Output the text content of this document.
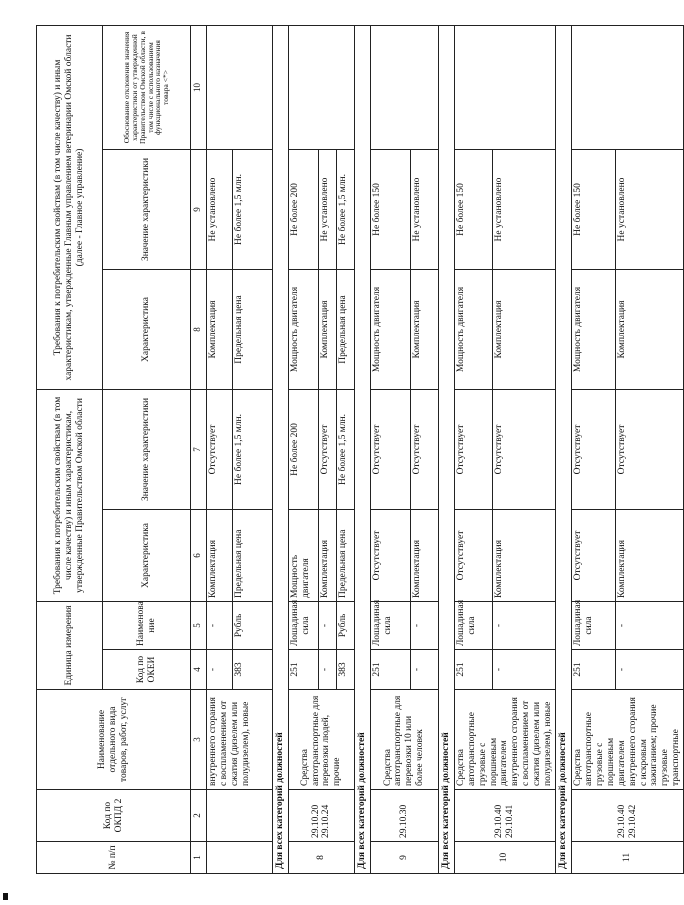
№ п/п	Код по ОКПД 2	Наименование отдельного вида товаров, работ, услуг	Единица измерения		Требования к потребительским свойствам (в том числе качеству) и иным характеристикам, утвержденные Правительством Омской области		Требования к потребительским свойствам (в том числе качеству) и иным характеристикам, утвержденные Главным управлением ветеринарии Омской области (далее - Главное управление)		
			Код по ОКЕИ	Наименова ние	Характеристика	Значение характеристики	Характеристика	Значение характеристики	Обоснование отклонения значения характеристики от утвержденной Правительством Омской области, в том числе с использованием функционального назначения товара <*>
1	2	3	4	5	6	7	8	9	10
		внутреннего сгорания с воспламенением от сжатия (дизелем или полудизелем), новые	-	-	Комплектация	Отсутствует	Комплектация	Не установлено	
			383	Рубль	Предельная цена	Не более 1,5 млн.	Предельная цена	Не более 1,5 млн.	
Для всех категорий должностей									
8	29.10.20 29.10.24	Средства автотранспортные для перевозки людей, прочие	251	Лошадиная сила	Мощность двигателя	Не более 200	Мощность двигателя	Не более 200	
			-	-	Комплектация	Отсутствует	Комплектация	Не установлено	
			383	Рубль	Предельная цена	Не более 1,5 млн.	Предельная цена	Не более 1,5 млн.	
Для всех категорий должностей									
9	29.10.30	Средства автотранспортные для перевозки 10 или более человек	251	Лошадиная сила	Отсутствует	Отсутствует	Мощность двигателя	Не более 150	
			-	-	Комплектация	Отсутствует	Комплектация	Не установлено	
Для всех категорий должностей									
10	29.10.40 29.10.41	Средства автотранспортные грузовые с поршневым двигателем внутреннего сгорания с воспламенением от сжатия (дизелем или полудизелем), новые	251	Лошадиная сила	Отсутствует	Отсутствует	Мощность двигателя	Не более 150	
			-	-	Комплектация	Отсутствует	Комплектация	Не установлено	
Для всех категорий должностей									
11	29.10.40 29.10.42	Средства автотранспортные грузовые с поршневым двигателем внутреннего сгорания с искровым зажиганием; прочие грузовые транспортные	251	Лошадиная сила	Отсутствует	Отсутствует	Мощность двигателя	Не более 150	
			-	-	Комплектация	Отсутствует	Комплектация	Не установлено	
